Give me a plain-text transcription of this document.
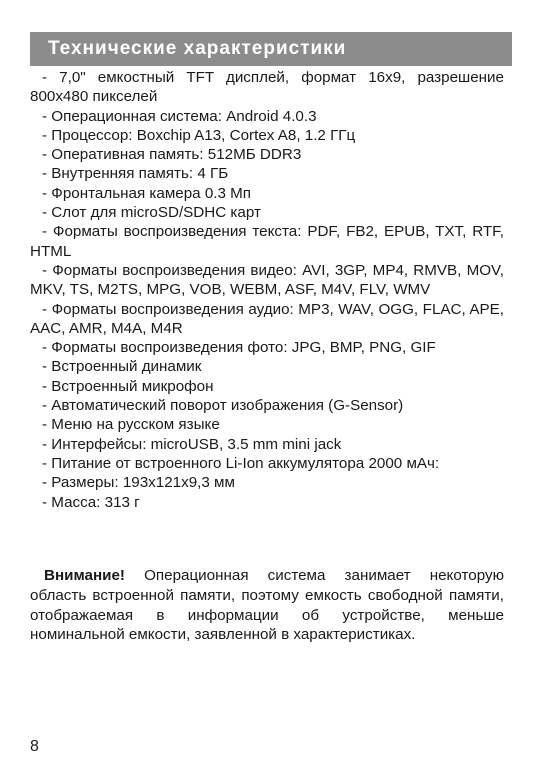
Технические характеристики
- 7,0" емкостный TFT дисплей, формат 16x9, разрешение 800x480 пикселей
- Операционная система: Android 4.0.3
- Процессор: Boxchip A13, Cortex A8, 1.2 ГГц
- Оперативная память: 512МБ DDR3
- Внутренняя память: 4 ГБ
- Фронтальная камера 0.3 Мп
- Слот для microSD/SDHC карт
- Форматы воспроизведения текста: PDF, FB2, EPUB, TXT, RTF, HTML
- Форматы воспроизведения видео: AVI, 3GP, MP4, RMVB, MOV, MKV, TS, M2TS, MPG, VOB, WEBM, ASF, M4V, FLV, WMV
- Форматы воспроизведения аудио: MP3, WAV, OGG, FLAC, APE, AAC, AMR, M4A, M4R
- Форматы воспроизведения фото: JPG, BMP, PNG, GIF
- Встроенный динамик
- Встроенный микрофон
- Автоматический поворот изображения (G-Sensor)
- Меню на русском языке
- Интерфейсы: microUSB, 3.5 mm mini jack
- Питание от встроенного Li-Ion аккумулятора 2000 мАч:
- Размеры: 193x121x9,3 мм
- Масса: 313 г

Внимание! Операционная система занимает некоторую область встроенной памяти, поэтому емкость свободной памяти, отображаемая в информации об устройстве, меньше номинальной емкости, заявленной в характеристиках.

8
